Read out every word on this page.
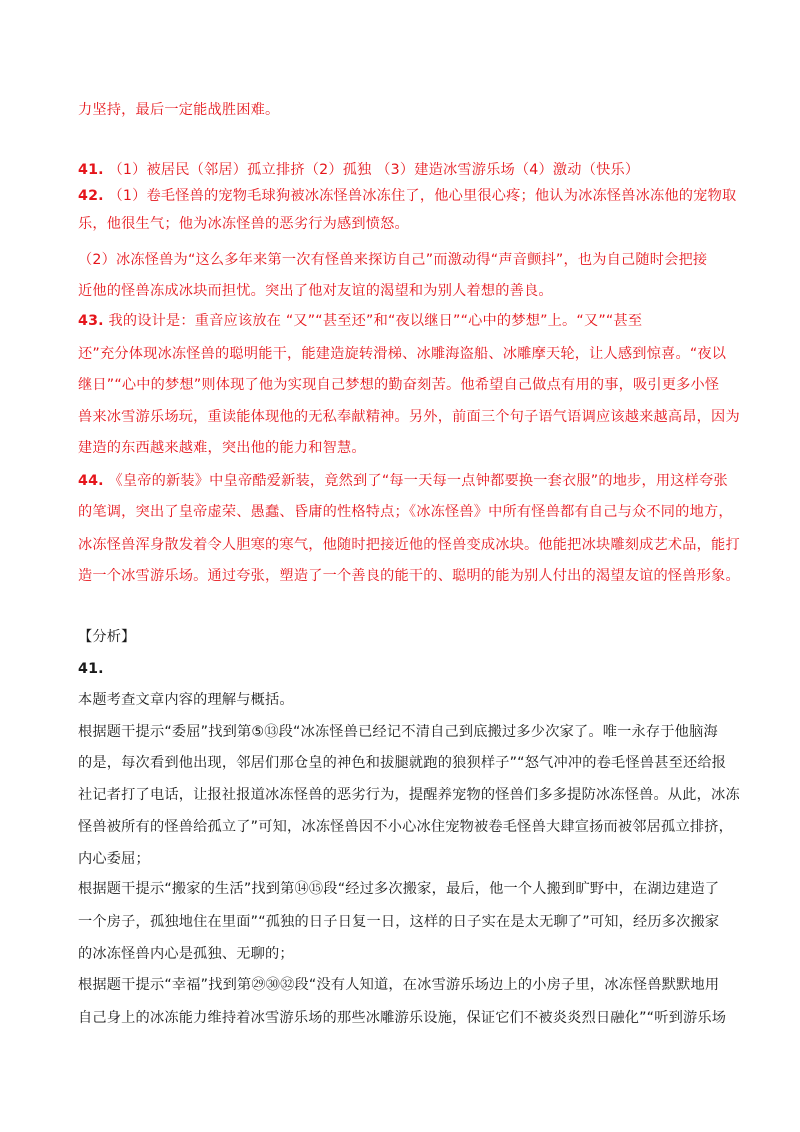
力坚持，最后一定能战胜困难。
41. （1）被居民（邻居）孤立排挤（2）孤独 （3）建造冰雪游乐场（4）激动（快乐）
42. （1）卷毛怪兽的宠物毛球狗被冰冻怪兽冰冻住了，他心里很心疼；他认为冰冻怪兽冰冻他的宠物取
乐，他很生气；他为冰冻怪兽的恶劣行为感到愤怒。
（2）冰冻怪兽为“这么多年来第一次有怪兽来探访自己”而激动得“声音颤抖”，也为自己随时会把接
近他的怪兽冻成冰块而担忧。突出了他对友谊的渴望和为别人着想的善良。
43. 我的设计是：重音应该放在 “又”“甚至还”和“夜以继日”“心中的梦想”上。“又”“甚至
还”充分体现冰冻怪兽的聪明能干，能建造旋转滑梯、冰雕海盗船、冰雕摩天轮，让人感到惊喜。“夜以
继日”“心中的梦想”则体现了他为实现自己梦想的勤奋刻苦。他希望自己做点有用的事，吸引更多小怪
兽来冰雪游乐场玩，重读能体现他的无私奉献精神。另外，前面三个句子语气语调应该越来越高昂，因为
建造的东西越来越难，突出他的能力和智慧。
44. 《皇帝的新装》中皇帝酷爱新装，竟然到了“每一天每一点钟都要换一套衣服”的地步，用这样夸张
的笔调，突出了皇帝虚荣、愚蠢、昏庸的性格特点；《冰冻怪兽》中所有怪兽都有自己与众不同的地方，
冰冻怪兽浑身散发着令人胆寒的寒气，他随时把接近他的怪兽变成冰块。他能把冰块雕刻成艺术品，能打
造一个冰雪游乐场。通过夸张，塑造了一个善良的能干的、聪明的能为别人付出的渴望友谊的怪兽形象。
【分析】
41.
本题考查文章内容的理解与概括。
根据题干提示“委屈”找到第⑤⑬段“冰冻怪兽已经记不清自己到底搬过多少次家了。唯一永存于他脑海
的是，每次看到他出现，邻居们那仓皇的神色和拔腿就跑的狼狈样子”“怒气冲冲的卷毛怪兽甚至还给报
社记者打了电话，让报社报道冰冻怪兽的恶劣行为，提醒养宠物的怪兽们多多提防冰冻怪兽。从此，冰冻
怪兽被所有的怪兽给孤立了”可知，冰冻怪兽因不小心冰住宠物被卷毛怪兽大肆宣扬而被邻居孤立排挤，
内心委屈；
根据题干提示“搬家的生活”找到第⑭⑮段“经过多次搬家，最后，他一个人搬到旷野中，在湖边建造了
一个房子，孤独地住在里面”“孤独的日子日复一日，这样的日子实在是太无聊了”可知，经历多次搬家
的冰冻怪兽内心是孤独、无聊的；
根据题干提示“幸福”找到第㉙㉚㉜段“没有人知道，在冰雪游乐场边上的小房子里，冰冻怪兽默默地用
自己身上的冰冻能力维持着冰雪游乐场的那些冰雕游乐设施，保证它们不被炎炎烈日融化”“听到游乐场
